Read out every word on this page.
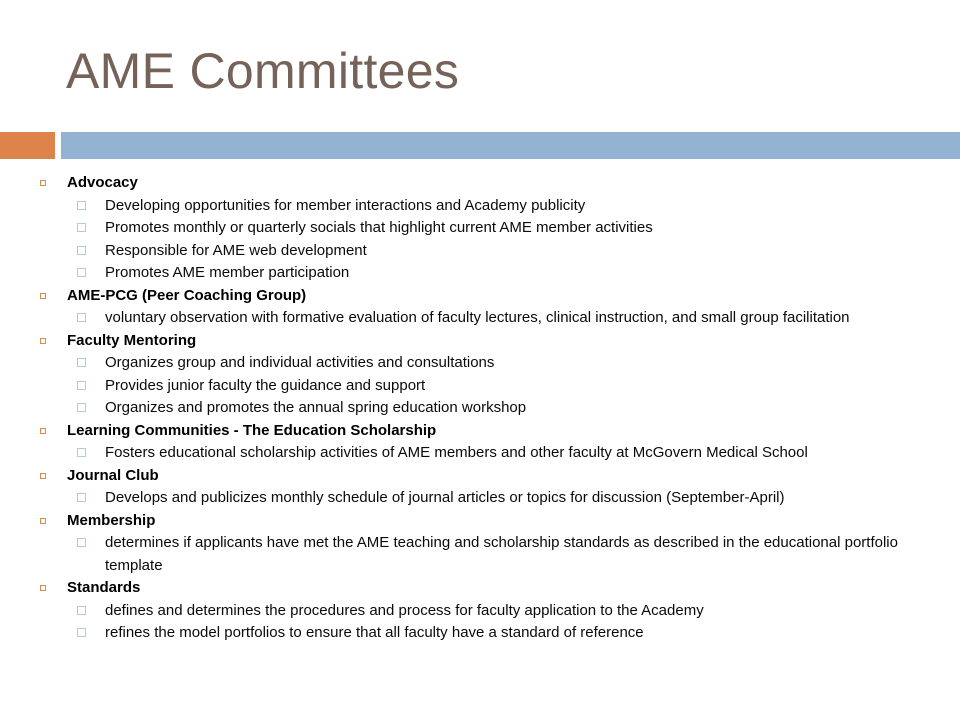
AME Committees
Advocacy
Developing opportunities for member interactions and Academy publicity
Promotes monthly or quarterly socials that highlight current AME member activities
Responsible for AME web development
Promotes AME member participation
AME-PCG (Peer Coaching Group)
voluntary observation with formative evaluation of faculty lectures, clinical instruction, and small group facilitation
Faculty Mentoring
Organizes group and individual activities and consultations
Provides junior faculty the guidance and support
Organizes and promotes the annual spring education workshop
Learning Communities - The Education Scholarship
Fosters educational scholarship activities of AME members and other faculty at McGovern Medical School
Journal Club
Develops and publicizes monthly schedule of journal articles or topics for discussion (September-April)
Membership
determines if applicants have met the AME teaching and scholarship standards as described in the educational portfolio template
Standards
defines and determines the procedures and process for faculty application to the Academy
refines the model portfolios to ensure that all faculty have a standard of reference
